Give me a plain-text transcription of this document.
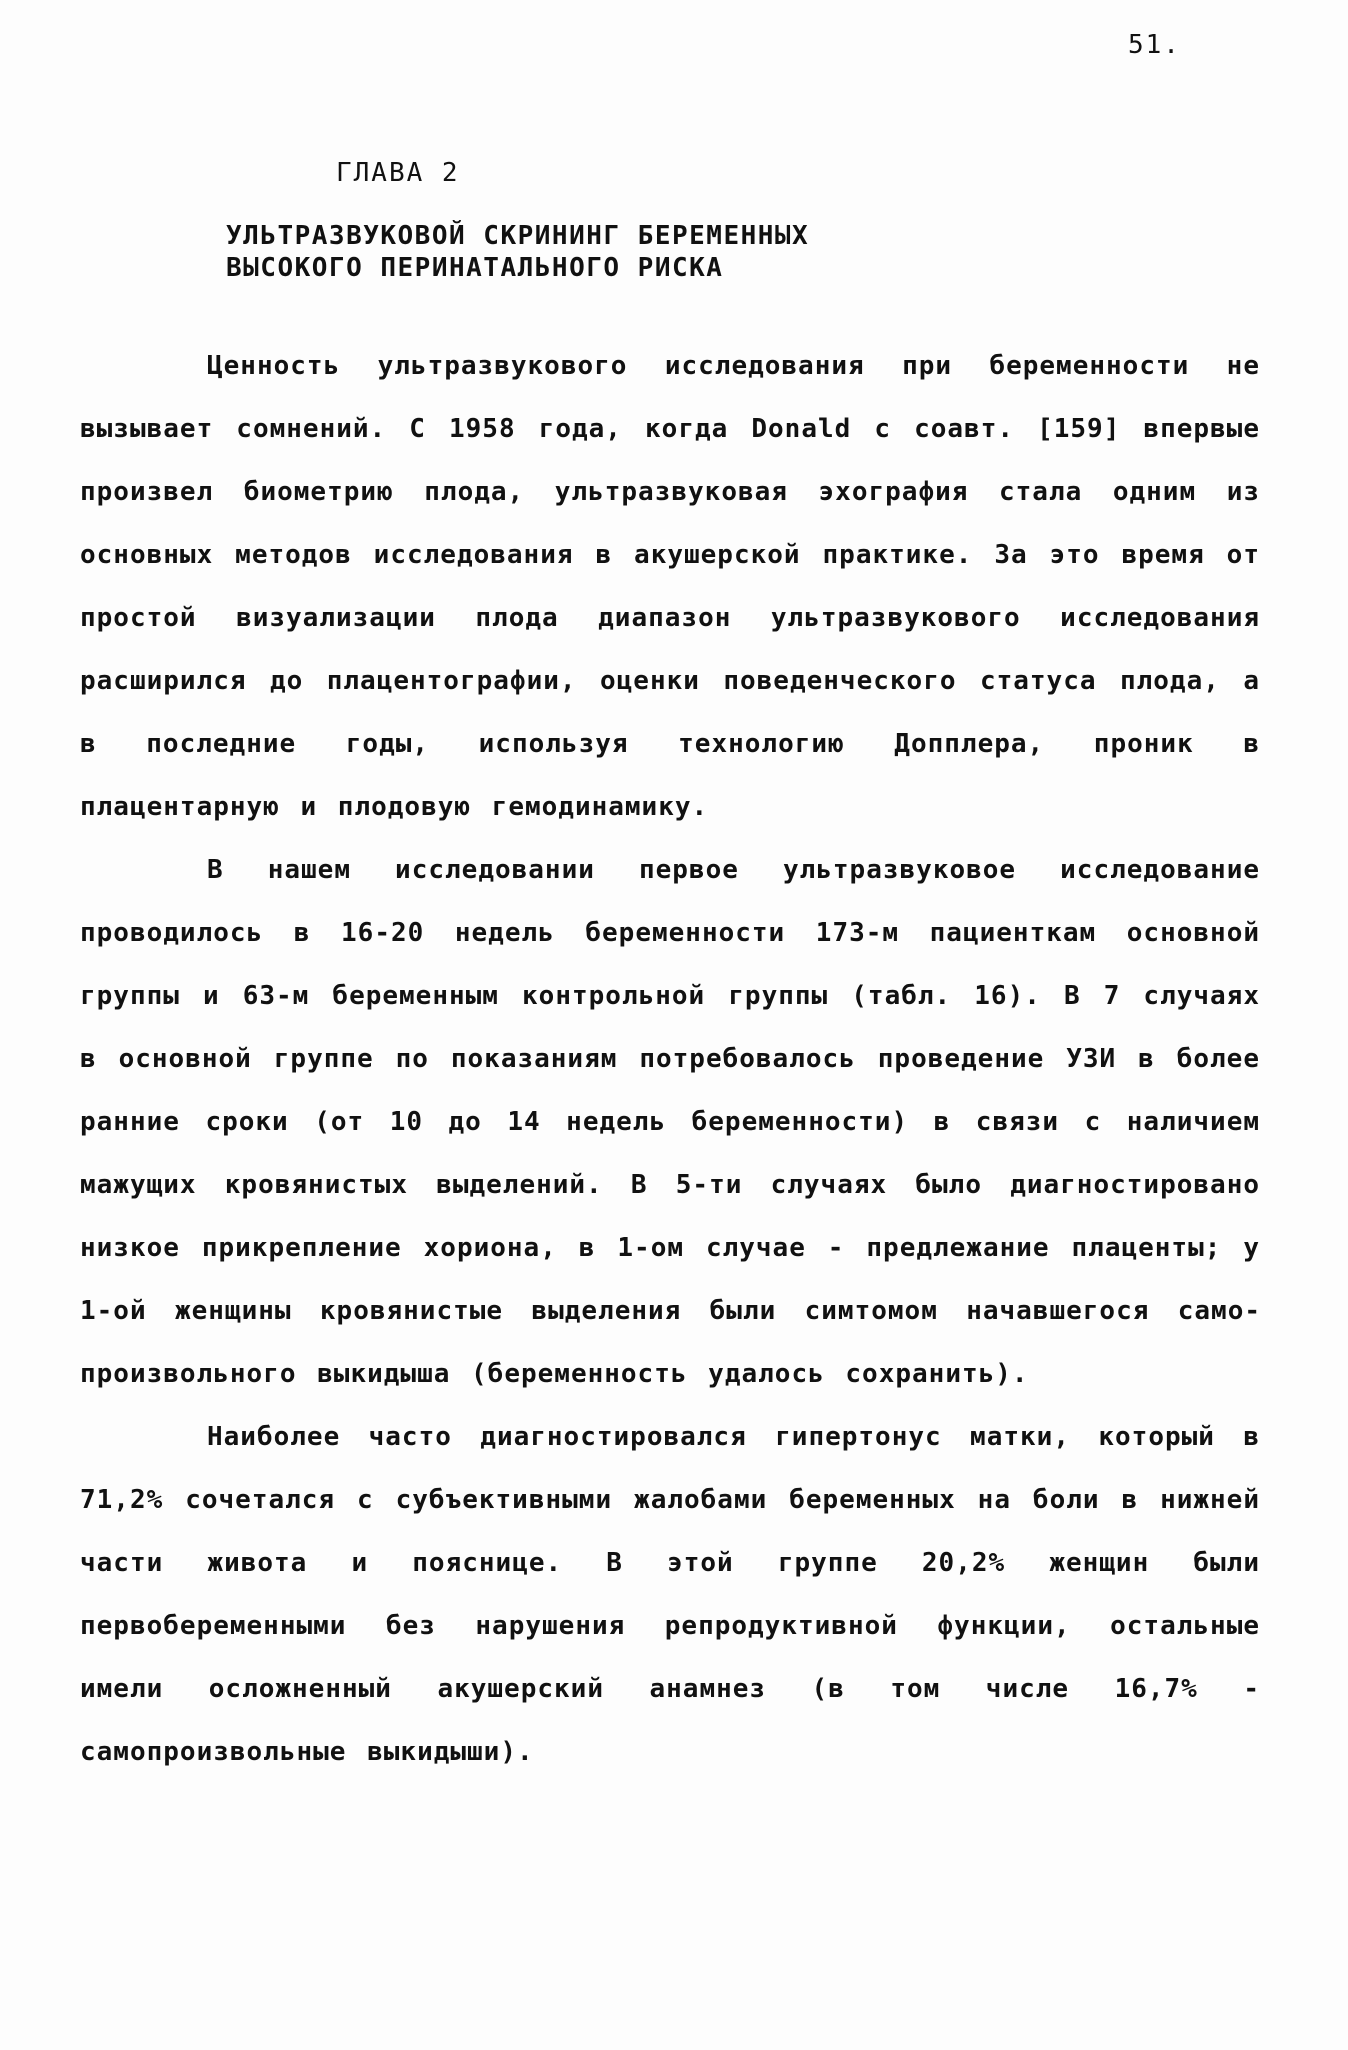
51.
ГЛАВА 2
УЛЬТРАЗВУКОВОЙ СКРИНИНГ БЕРЕМЕННЫХ
ВЫСОКОГО ПЕРИНАТАЛЬНОГО РИСКА

Ценность ультразвукового исследования при беременности не вызывает сомнений. С 1958 года, когда Donald с соавт. [159] впервые произвел биометрию плода, ультразвуковая эхография стала одним из основных методов исследования в акушерской практике. За это время от простой визуализации плода диапазон ультразвукового исследования расширился до плацентографии, оценки поведенческого статуса плода, а в последние годы, используя технологию Допплера, проник в плацентарную и плодовую гемодинамику.

В нашем исследовании первое ультразвуковое исследование проводилось в 16-20 недель беременности 173-м пациенткам основной группы и 63-м беременным контрольной группы (табл. 16). В 7 случаях в основной группе по показаниям потребовалось проведение УЗИ в более ранние сроки (от 10 до 14 недель беременности) в связи с наличием мажущих кровянистых выделений. В 5-ти случаях было диагностировано низкое прикрепление хориона, в 1-ом случае - предлежание плаценты; у 1-ой женщины кровянистые выделения были симтомом начавшегося самопроизвольного выкидыша (беременность удалось сохранить).

Наиболее часто диагностировался гипертонус матки, который в 71,2% сочетался с субъективными жалобами беременных на боли в нижней части живота и пояснице. В этой группе 20,2% женщин были первобеременными без нарушения репродуктивной функции, остальные имели осложненный акушерский анамнез (в том числе 16,7% - самопроизвольные выкидыши).
